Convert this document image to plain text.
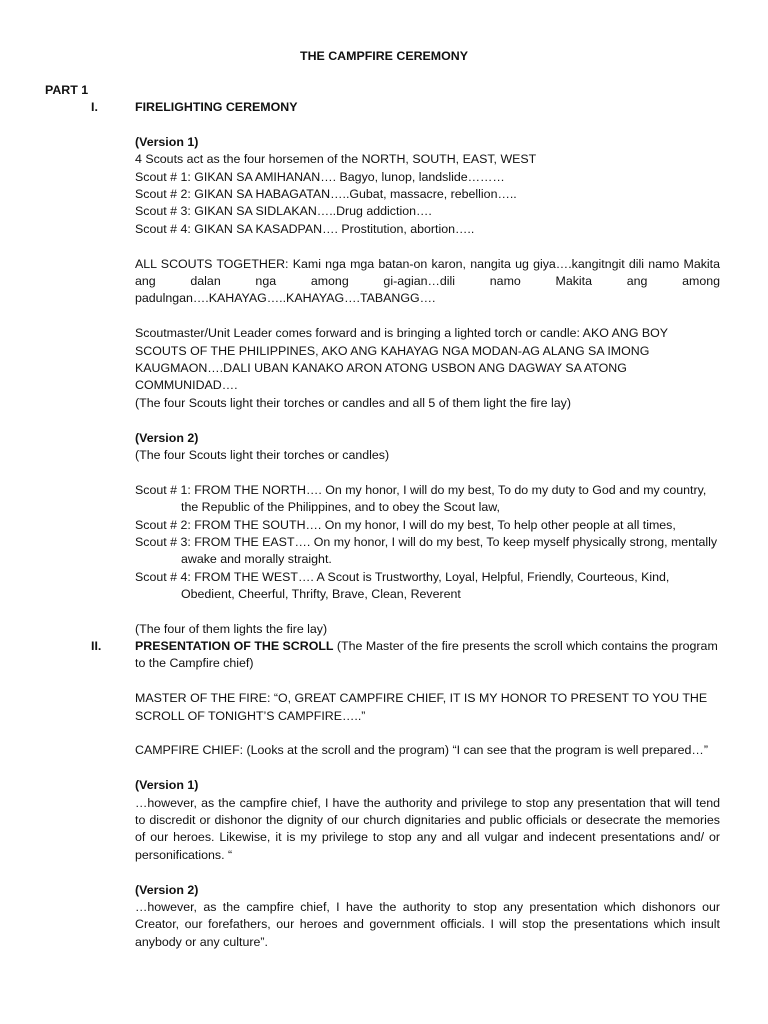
THE CAMPFIRE CEREMONY
PART 1
I.	FIRELIGHTING CEREMONY

(Version 1)

4 Scouts act as the four horsemen of the NORTH, SOUTH, EAST, WEST

Scout # 1: GIKAN SA AMIHANAN…. Bagyo, lunop, landslide………

Scout # 2: GIKAN SA HABAGATAN…..Gubat, massacre, rebellion…..

Scout # 3: GIKAN SA SIDLAKAN…..Drug addiction….

Scout # 4: GIKAN SA KASADPAN…. Prostitution, abortion…..

ALL SCOUTS TOGETHER: Kami nga mga batan-on karon, nangita ug giya….kangitngit dili namo Makita ang dalan nga among gi-agian…dili namo Makita ang among padulngan….KAHAYAG…..KAHAYAG….TABANGG….

Scoutmaster/Unit Leader comes forward and is bringing a lighted torch or candle: AKO ANG BOY SCOUTS OF THE PHILIPPINES, AKO ANG KAHAYAG NGA MODAN-AG ALANG SA IMONG KAUGMAON….DALI UBAN KANAKO ARON ATONG USBON ANG DAGWAY SA ATONG COMMUNIDAD….

(The four Scouts light their torches or candles and all 5 of them light the fire lay)

(Version 2)

(The four Scouts light their torches or candles)

Scout # 1: FROM THE NORTH…. On my honor, I will do my best, To do my duty to God and my country, the Republic of the Philippines, and to obey the Scout law,

Scout # 2: FROM THE SOUTH…. On my honor, I will do my best, To help other people at all times,

Scout # 3: FROM THE EAST…. On my honor, I will do my best, To keep myself physically strong, mentally awake and morally straight.

Scout # 4: FROM THE WEST…. A Scout is Trustworthy, Loyal, Helpful, Friendly, Courteous, Kind, Obedient, Cheerful, Thrifty, Brave, Clean, Reverent

(The four of them lights the fire lay)

II.	PRESENTATION OF THE SCROLL (The Master of the fire presents the scroll which contains the program to the Campfire chief)

MASTER OF THE FIRE: “O, GREAT CAMPFIRE CHIEF, IT IS MY HONOR TO PRESENT TO YOU THE SCROLL OF TONIGHT’S CAMPFIRE…..”

CAMPFIRE CHIEF: (Looks at the scroll and the program) “I can see that the program is well prepared…”

(Version 1)

…however, as the campfire chief, I have the authority and privilege to stop any presentation that will tend to discredit or dishonor the dignity of our church dignitaries and public officials or desecrate the memories of our heroes. Likewise, it is my privilege to stop any and all vulgar and indecent presentations and/ or personifications. “

(Version 2)

…however, as the campfire chief, I have the authority to stop any presentation which dishonors our Creator, our forefathers, our heroes and government officials. I will stop the presentations which insult anybody or any culture”.
